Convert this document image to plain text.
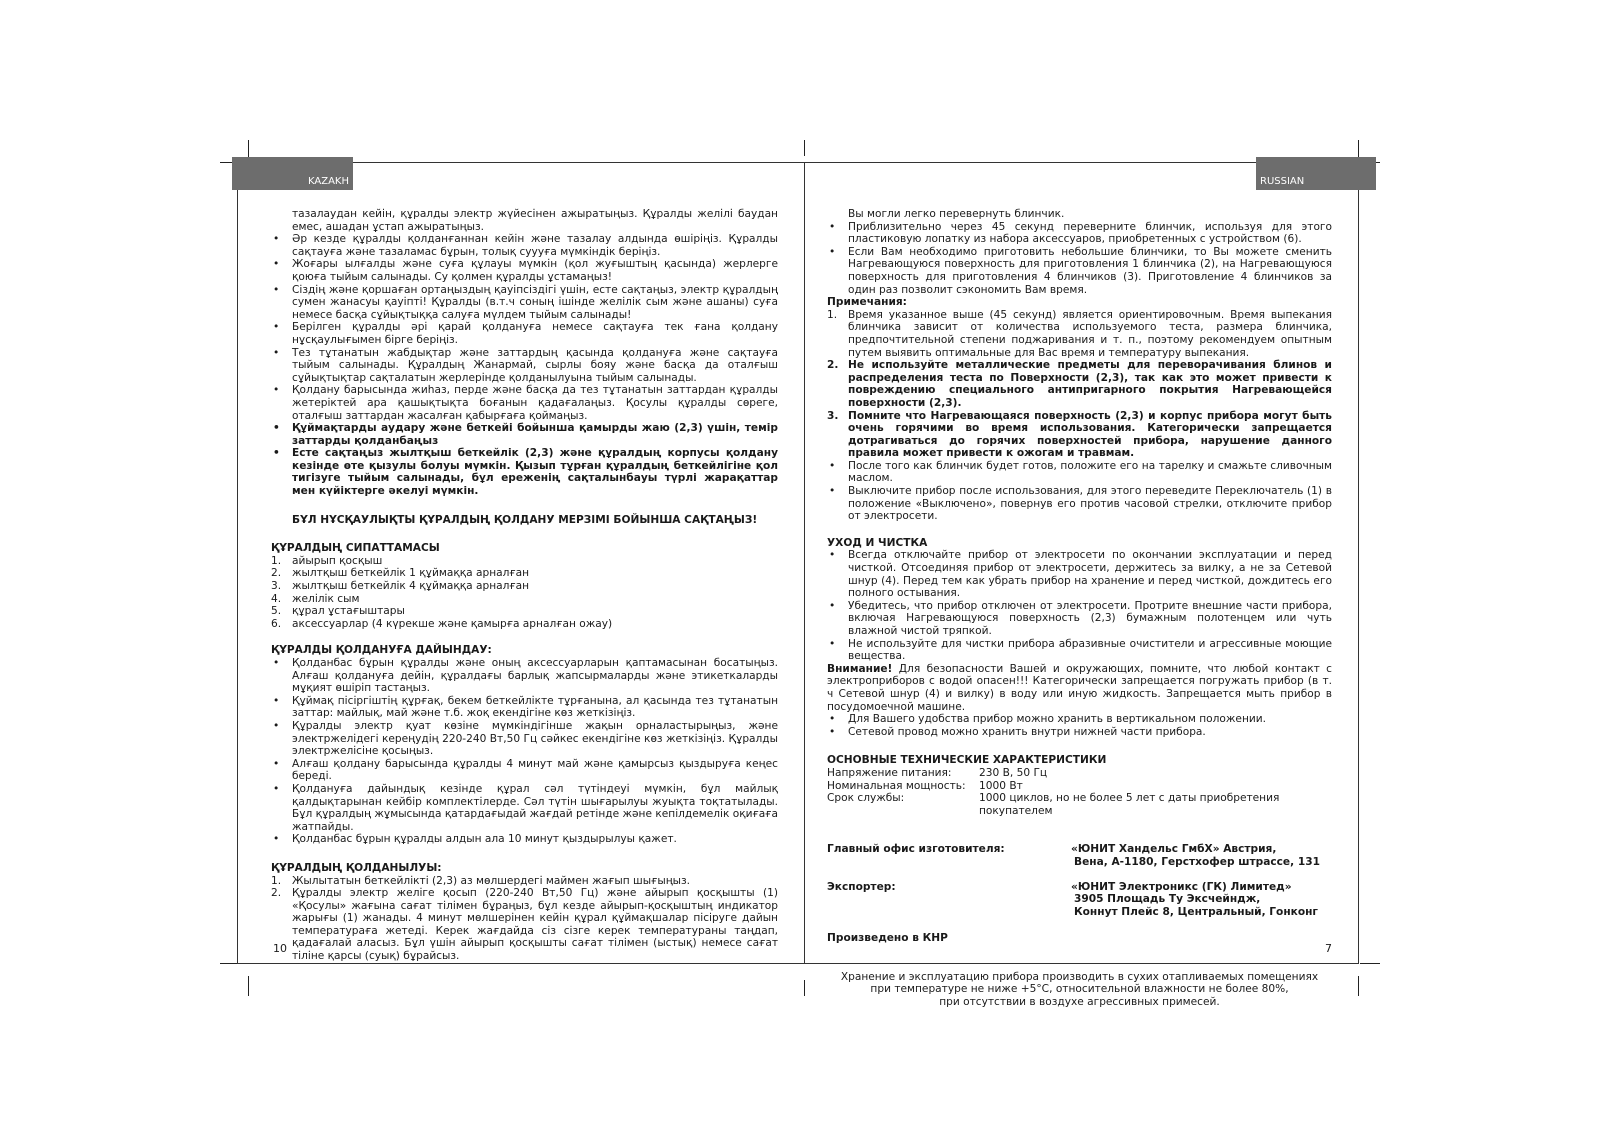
KAZAKH	RUSSIAN

тазалаудан кейін, құралды электр жүйесінен ажыратыңыз. Құралды желілі баудан емес, ашадан ұстап ажыратыңыз.

• Әр кезде құралды қолданғаннан кейін және тазалау алдында өшіріңіз. Құралды сақтауға және тазаламас бұрын, толық суууға мүмкіндік беріңіз.
• Жоғары ылғалды және суға құлауы мүмкін (қол жуғыштың қасында) жерлерге қоюға тыйым салынады. Су қолмен құралды ұстамаңыз!
• Сіздің және қоршаған ортаңыздың қауіпсіздігі үшін, есте сақтаңыз, электр құралдың сумен жанасуы қауіпті! Құралды (в.т.ч соның ішінде желілік сым және ашаны) суға немесе басқа сұйықтыққа салуға мүлдем тыйым салынады!
• Берілген құралды әрі қарай қолдануға немесе сақтауға тек ғана қолдану нұсқаулығымен бірге беріңіз.
• Тез тұтанатын жабдықтар және заттардың қасында қолдануға және сақтауға тыйым салынады. Құралдың Жанармай, сырлы бояу және басқа да оталғыш сұйықтықтар сақталатын жерлерінде қолданылуына тыйым салынады.
• Қолдану барысында жиһаз, перде және басқа да тез тұтанатын заттардан құралды жетеріктей ара қашықтықта боғанын қадағалаңыз. Қосулы құралды сөреге, оталғыш заттардан жасалған қабырғаға қоймаңыз.
• Құймақтарды аудару және беткейі бойынша қамырды жаю (2,3) үшін, темір заттарды қолданбаңыз
• Есте сақтаңыз жылтқыш беткейлік (2,3) және құралдың корпусы қолдану кезінде өте қызулы болуы мүмкін. Қызып тұрған құралдың беткейлігіне қол тигізуге тыйым салынады, бұл ереженің сақталынбауы түрлі жарақаттар мен күйіктерге әкелуі мүмкін.

БҰЛ НҰСҚАУЛЫҚТЫ ҚҰРАЛДЫҢ ҚОЛДАНУ МЕРЗІМІ БОЙЫНША САҚТАҢЫЗ!

ҚҰРАЛДЫҢ СИПАТТАМАСЫ

1. айырып қосқыш
2. жылтқыш беткейлік 1 құймаққа арналған
3. жылтқыш беткейлік 4 құймаққа арналған
4. желілік сым
5. құрал ұстағыштары
6. аксессуарлар (4 күрекше және қамырға арналған ожау)

ҚҰРАЛДЫ ҚОЛДАНУҒА ДАЙЫНДАУ:

• Қолданбас бұрын құралды және оның аксессуарларын қаптамасынан босатыңыз. Алғаш қолдануға дейін, құралдағы барлық жапсырмаларды және этикеткаларды мұқият өшіріп тастаңыз.
• Құймақ пісіргіштің құрғақ, бекем беткейлікте тұрғанына, ал қасында тез тұтанатын заттар: майлық, май және т.б. жоқ екендігіне көз жеткізіңіз.
• Құралды электр қуат көзіне мүмкіндігінше жақын орналастырыңыз, және электржелідегі кереңудің 220-240 Вт,50 Гц сәйкес екендігіне көз жеткізіңіз. Құралды электржелісіне қосыңыз.
• Алғаш қолдану барысында құралды 4 минут май және қамырсыз қыздыруға кеңес береді.
• Қолдануға дайындық кезінде құрал сәл түтіндеуі мүмкін, бұл майлық қалдықтарынан кейбір комплектілерде. Сәл түтін шығарылуы жуықта тоқтатылады. Бұл құралдың жұмысында қатардағыдай жағдай ретінде және кепілдемелік оқиғаға жатпайды.
• Қолданбас бұрын құралды алдын ала 10 минут қыздырылуы қажет.

ҚҰРАЛДЫҢ ҚОЛДАНЫЛУЫ:

1. Жылытатын беткейлікті (2,3) аз мөлшердегі маймен жағып шығыңыз.
2. Құралды электр желіге қосып (220-240 Вт,50 Гц) және айырып қосқышты (1) «Қосулы» жағына сағат тілімен бұраңыз, бұл кезде айырып-қосқыштың индикатор жарығы (1) жанады. 4 минут мөлшерінен кейін құрал құймақшалар пісіруге дайын температураға жетеді. Керек жағдайда сіз сізге керек температураны таңдап, қадағалай аласыз. Бұл үшін айырып қосқышты сағат тілімен (ыстық) немесе сағат тіліне қарсы (суық) бұрайсыз.
10

Вы могли легко перевернуть блинчик.

• Приблизительно через 45 секунд переверните блинчик, используя для этого пластиковую лопатку из набора аксессуаров, приобретенных с устройством (6).
• Если Вам необходимо приготовить небольшие блинчики, то Вы можете сменить Нагревающуюся поверхность для приготовления 1 блинчика (2), на Нагревающуюся поверхность для приготовления 4 блинчиков (3). Приготовление 4 блинчиков за один раз позволит сэкономить Вам время.

Примечания:

1. Время указанное выше (45 секунд) является ориентировочным. Время выпекания блинчика зависит от количества используемого теста, размера блинчика, предпочтительной степени поджаривания и т. п., поэтому рекомендуем опытным путем выявить оптимальные для Вас время и температуру выпекания.
2. Не используйте металлические предметы для переворачивания блинов и распределения теста по Поверхности (2,3), так как это может привести к повреждению специального антипригарного покрытия Нагревающейся поверхности (2,3).
3. Помните что Нагревающаяся поверхность (2,3) и корпус прибора могут быть очень горячими во время использования. Категорически запрещается дотрагиваться до горячих поверхностей прибора, нарушение данного правила может привести к ожогам и травмам.
• После того как блинчик будет готов, положите его на тарелку и смажьте сливочным маслом.
• Выключите прибор после использования, для этого переведите Переключатель (1) в положение «Выключено», повернув его против часовой стрелки, отключите прибор от электросети.

УХОД И ЧИСТКА

• Всегда отключайте прибор от электросети по окончании эксплуатации и перед чисткой. Отсоединяя прибор от электросети, держитесь за вилку, а не за Сетевой шнур (4). Перед тем как убрать прибор на хранение и перед чисткой, дождитесь его полного остывания.
• Убедитесь, что прибор отключен от электросети. Протрите внешние части прибора, включая Нагревающуюся поверхность (2,3) бумажным полотенцем или чуть влажной чистой тряпкой.
• Не используйте для чистки прибора абразивные очистители и агрессивные моющие вещества.

Внимание! Для безопасности Вашей и окружающих, помните, что любой контакт с электроприборов с водой опасен!!! Категорически запрещается погружать прибор (в т. ч Сетевой шнур (4) и вилку) в воду или иную жидкость. Запрещается мыть прибор в посудомоечной машине.

• Для Вашего удобства прибор можно хранить в вертикальном положении.
• Сетевой провод можно хранить внутри нижней части прибора.

ОСНОВНЫЕ ТЕХНИЧЕСКИЕ ХАРАКТЕРИСТИКИ

Напряжение питания:	230 В, 50 Гц
Номинальная мощность:	1000 Вт
Срок службы:	1000 циклов, но не более 5 лет с даты приобретения покупателем
Главный офис изготовителя:	«ЮНИТ Хандельс ГмбХ» Австрия,
Вена, А-1180, Герстхофер штрассе, 131

Экспортер:	«ЮНИТ Электроникс (ГК) Лимитед»
3905 Площадь Ту Эксчейндж,
Коннут Плейс 8, Центральный, Гонконг

Произведено в КНР

Хранение и эксплуатацию прибора производить в сухих отапливаемых помещениях
при температуре не ниже +5°С, относительной влажности не более 80%,
при отсутствии в воздухе агрессивных примесей.
7
